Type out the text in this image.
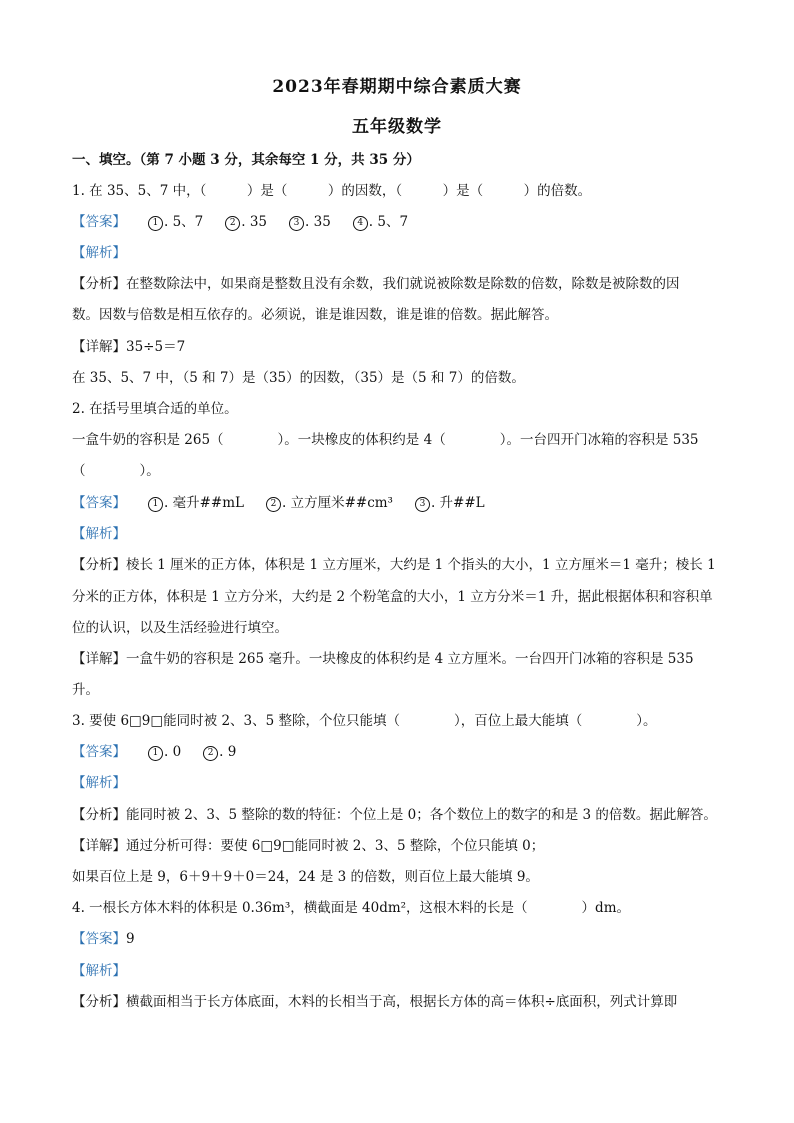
2023年春期期中综合素质大赛
五年级数学
一、填空。（第 7 小题 3 分，其余每空 1 分，共 35 分）
1. 在 35、5、7 中，（　　　）是（　　　）的因数，（　　　）是（　　　）的倍数。
【答案】	1 . 5、7	2 . 35	3 . 35	4 . 5、7
【解析】
【分析】在整数除法中，如果商是整数且没有余数，我们就说被除数是除数的倍数，除数是被除数的因
数。因数与倍数是相互依存的。必须说，谁是谁因数，谁是谁的倍数。据此解答。
【详解】35÷5＝7
在 35、5、7 中，（5 和 7）是（35）的因数，（35）是（5 和 7）的倍数。
2. 在括号里填合适的单位。
一盒牛奶的容积是 265（　　　　）。一块橡皮的体积约是 4（　　　　）。一台四开门冰箱的容积是 535
（　　　　）。
【答案】	1 . 毫升##mL	2 . 立方厘米##cm³	3 . 升##L
【解析】
【分析】棱长 1 厘米的正方体，体积是 1 立方厘米，大约是 1 个指头的大小，1 立方厘米＝1 毫升；棱长 1
分米的正方体，体积是 1 立方分米，大约是 2 个粉笔盒的大小，1 立方分米＝1 升，据此根据体积和容积单
位的认识，以及生活经验进行填空。
【详解】一盒牛奶的容积是 265 毫升。一块橡皮的体积约是 4 立方厘米。一台四开门冰箱的容积是 535
升。
3. 要使 6□9□能同时被 2、3、5 整除，个位只能填（　　　　），百位上最大能填（　　　　）。
【答案】	1 . 0	2 . 9
【解析】
【分析】能同时被 2、3、5 整除的数的特征：个位上是 0；各个数位上的数字的和是 3 的倍数。据此解答。
【详解】通过分析可得：要使 6□9□能同时被 2、3、5 整除，个位只能填 0；
如果百位上是 9，6＋9＋9＋0＝24，24 是 3 的倍数，则百位上最大能填 9。
4. 一根长方体木料的体积是 0.36m³，横截面是 40dm²，这根木料的长是（　　　　）dm。
【答案】9
【解析】
【分析】横截面相当于长方体底面，木料的长相当于高，根据长方体的高＝体积÷底面积，列式计算即
